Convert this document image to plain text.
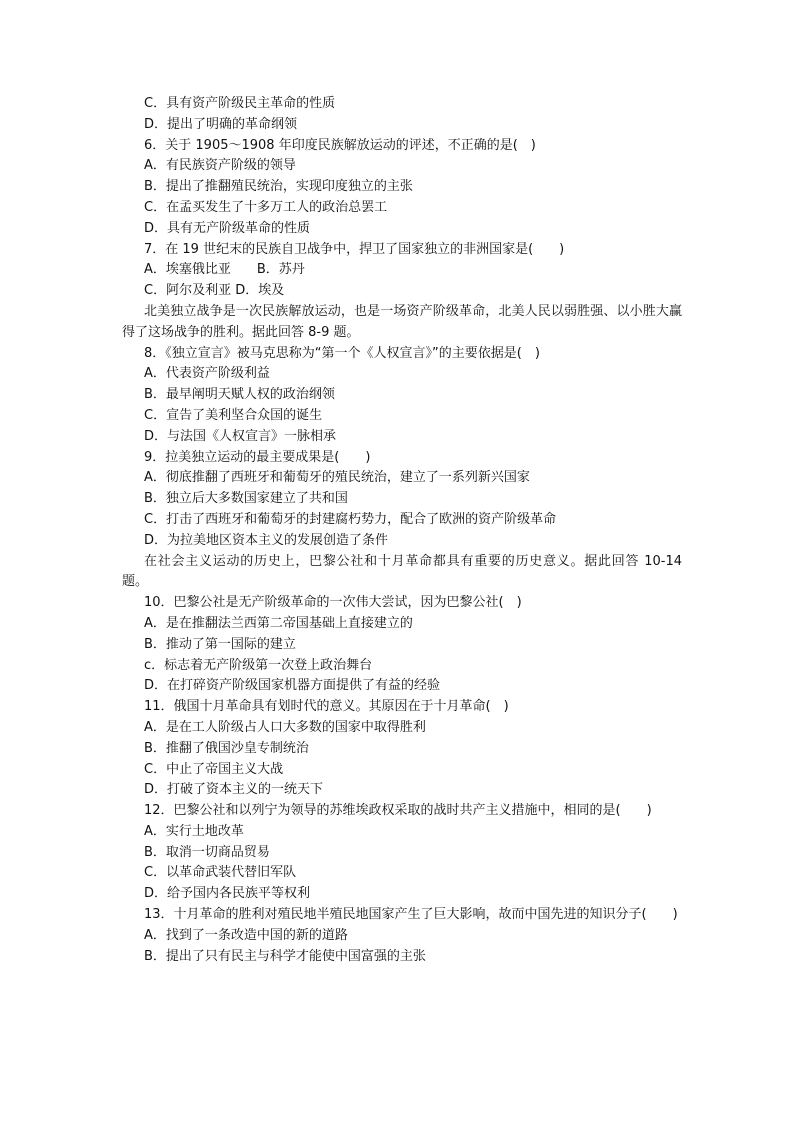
C．具有资产阶级民主革命的性质
D．提出了明确的革命纲领
6．关于 1905～1908 年印度民族解放运动的评述，不正确的是(　)
A．有民族资产阶级的领导
B．提出了推翻殖民统治，实现印度独立的主张
C．在孟买发生了十多万工人的政治总罢工
D．具有无产阶级革命的性质
7．在 19 世纪末的民族自卫战争中，捍卫了国家独立的非洲国家是(　　)
A．埃塞俄比亚　　B．苏丹
C．阿尔及利亚 D．埃及
北美独立战争是一次民族解放运动，也是一场资产阶级革命，北美人民以弱胜强、以小胜大赢得了这场战争的胜利。据此回答 8-9 题。
8．《独立宣言》被马克思称为“第一个《人权宣言》”的主要依据是(　)
A．代表资产阶级利益
B．最早阐明天赋人权的政治纲领
C．宣告了美利坚合众国的诞生
D．与法国《人权宣言》一脉相承
9．拉美独立运动的最主要成果是(　　)
A．彻底推翻了西班牙和葡萄牙的殖民统治，建立了一系列新兴国家
B．独立后大多数国家建立了共和国
C．打击了西班牙和葡萄牙的封建腐朽势力，配合了欧洲的资产阶级革命
D．为拉美地区资本主义的发展创造了条件
在社会主义运动的历史上，巴黎公社和十月革命都具有重要的历史意义。据此回答 10-14 题。
10．巴黎公社是无产阶级革命的一次伟大尝试，因为巴黎公社(　)
A．是在推翻法兰西第二帝国基础上直接建立的
B．推动了第一国际的建立
c．标志着无产阶级第一次登上政治舞台
D．在打碎资产阶级国家机器方面提供了有益的经验
11．俄国十月革命具有划时代的意义。其原因在于十月革命(　)
A．是在工人阶级占人口大多数的国家中取得胜利
B．推翻了俄国沙皇专制统治
C．中止了帝国主义大战
D．打破了资本主义的一统天下
12．巴黎公社和以列宁为领导的苏维埃政权采取的战时共产主义措施中，相同的是(　　)
A．实行土地改革
B．取消一切商品贸易
C．以革命武装代替旧军队
D．给予国内各民族平等权利
13．十月革命的胜利对殖民地半殖民地国家产生了巨大影响，故而中国先进的知识分子(　　)
A．找到了一条改造中国的新的道路
B．提出了只有民主与科学才能使中国富强的主张
